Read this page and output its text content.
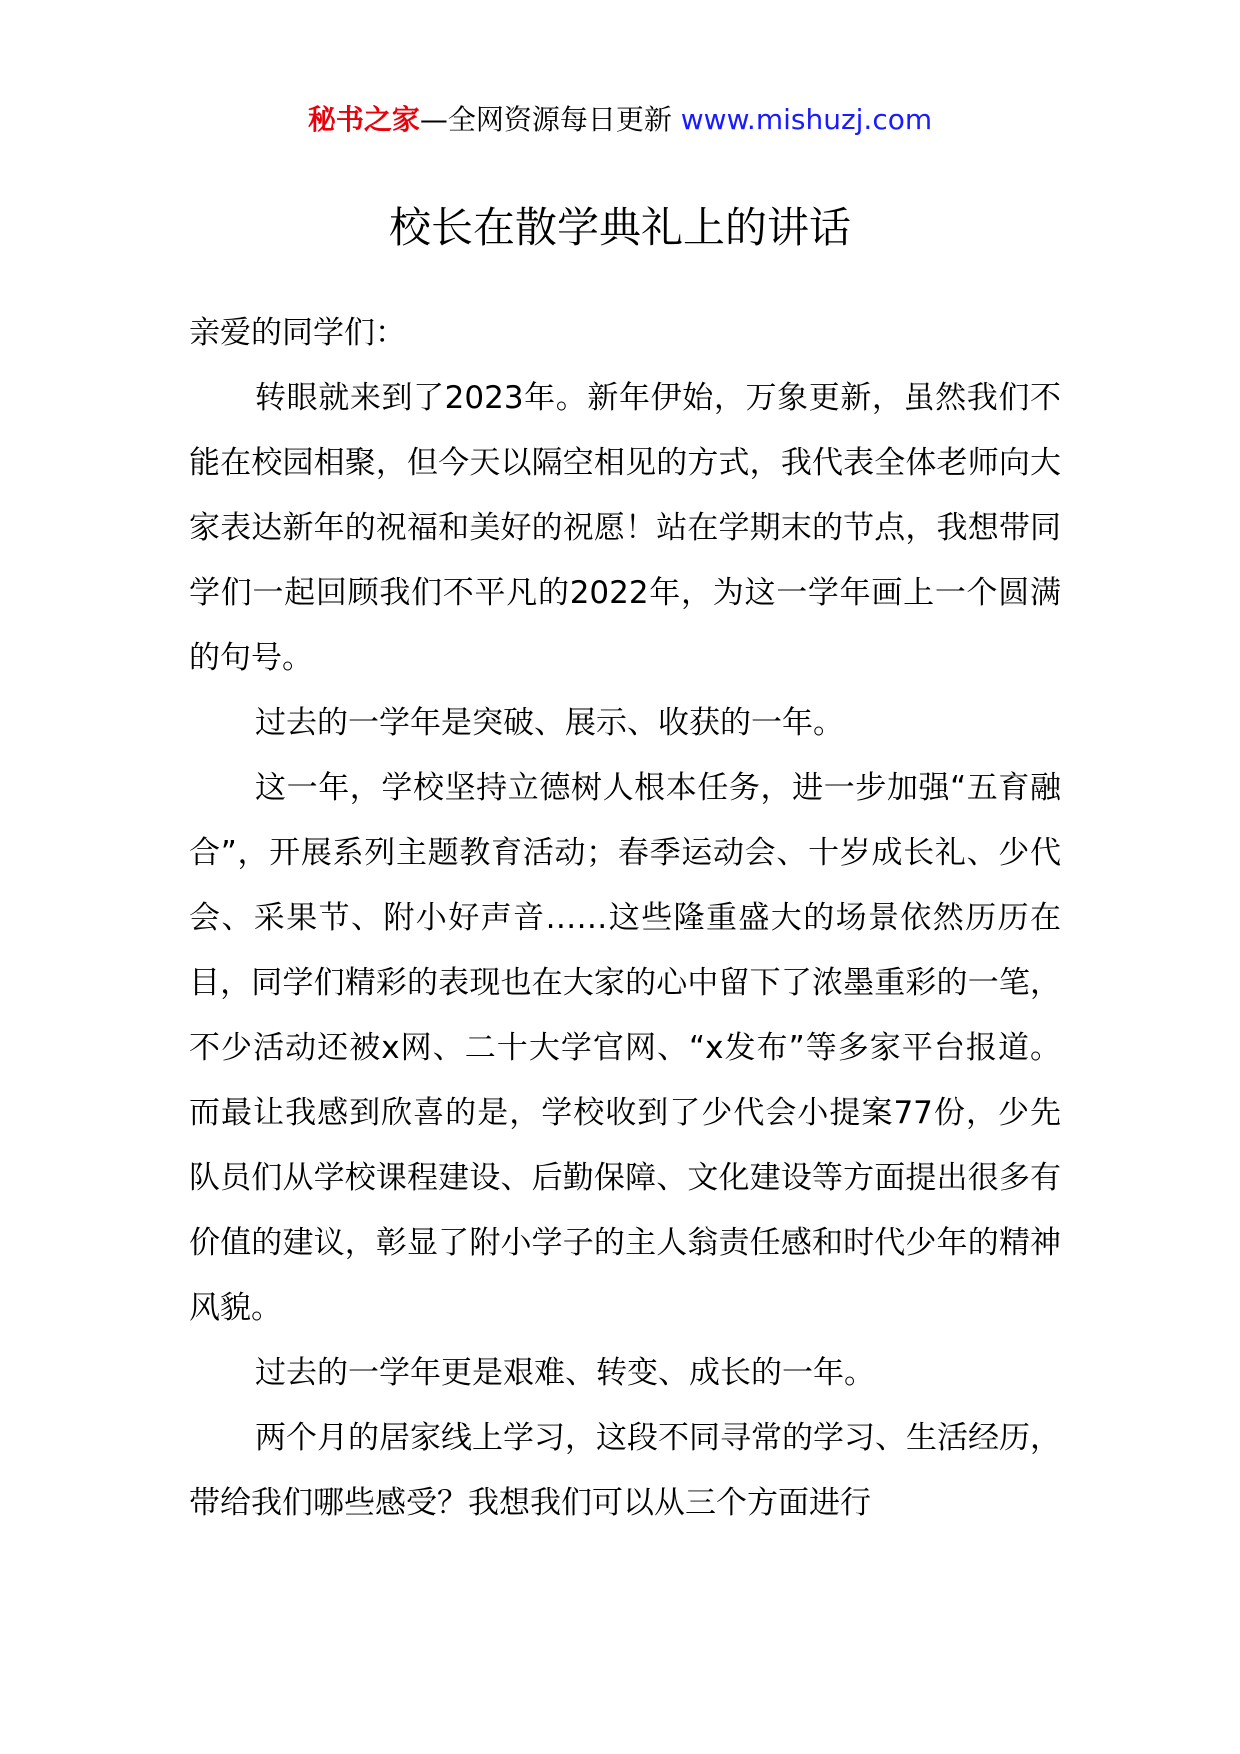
秘书之家—全网资源每日更新 www.mishuzj.com
校长在散学典礼上的讲话

亲爱的同学们：

转眼就来到了2023年。新年伊始，万象更新，虽然我们不能在校园相聚，但今天以隔空相见的方式，我代表全体老师向大家表达新年的祝福和美好的祝愿！站在学期末的节点，我想带同学们一起回顾我们不平凡的2022年，为这一学年画上一个圆满的句号。

过去的一学年是突破、展示、收获的一年。

这一年，学校坚持立德树人根本任务，进一步加强“五育融合”，开展系列主题教育活动；春季运动会、十岁成长礼、少代会、采果节、附小好声音……这些隆重盛大的场景依然历历在目，同学们精彩的表现也在大家的心中留下了浓墨重彩的一笔，不少活动还被x网、二十大学官网、“x发布”等多家平台报道。而最让我感到欣喜的是，学校收到了少代会小提案77份，少先队员们从学校课程建设、后勤保障、文化建设等方面提出很多有价值的建议，彰显了附小学子的主人翁责任感和时代少年的精神风貌。

过去的一学年更是艰难、转变、成长的一年。

两个月的居家线上学习，这段不同寻常的学习、生活经历，带给我们哪些感受？我想我们可以从三个方面进行
